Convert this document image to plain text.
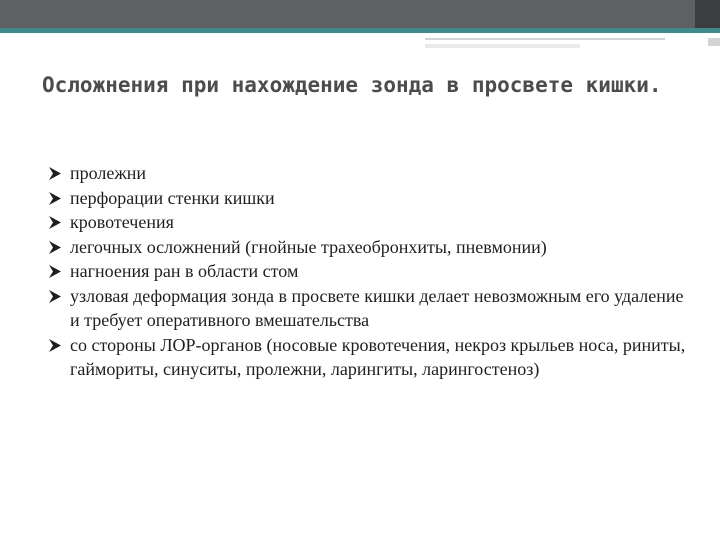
Осложнения при нахождение зонда в просвете кишки.
пролежни
перфорации стенки кишки
кровотечения
легочных осложнений (гнойные трахеобронхиты, пневмонии)
нагноения ран в области стом
узловая деформация зонда в просвете кишки делает невозможным его удаление и требует оперативного вмешательства
со стороны ЛОР-органов (носовые кровотечения, некроз крыльев носа, риниты, гаймориты, синуситы, пролежни, ларингиты, ларингостеноз)
